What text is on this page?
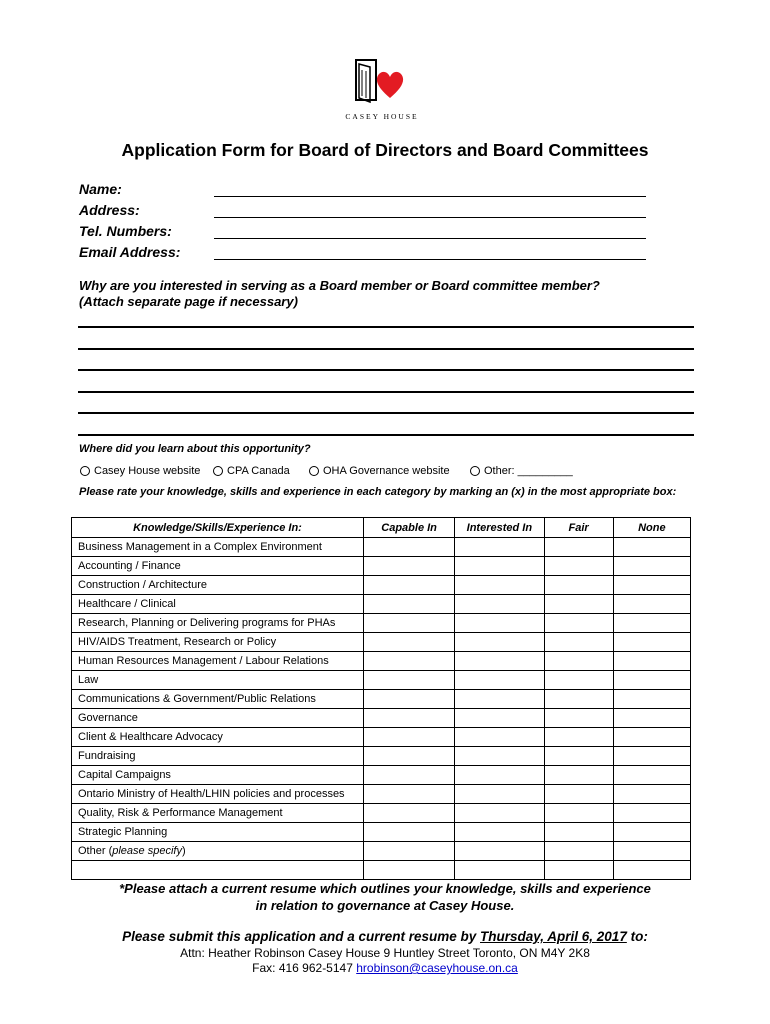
CASEY HOUSE
Application Form for Board of Directors and Board Committees
Name:
Address:
Tel. Numbers:
Email Address:
Why are you interested in serving as a Board member or Board committee member?
(Attach separate page if necessary)
Where did you learn about this opportunity?
Casey House website CPA Canada	OHA Governance website	Other: _________
Please rate your knowledge, skills and experience in each category by marking an (x) in the most appropriate box:
Knowledge/Skills/Experience In:	Capable In	Interested In	Fair	None
Business Management in a Complex Environment				
Accounting / Finance				
Construction / Architecture				
Healthcare / Clinical				
Research, Planning or Delivering programs for PHAs				
HIV/AIDS Treatment, Research or Policy				
Human Resources Management / Labour Relations				
Law				
Communications & Government/Public Relations				
Governance				
Client & Healthcare Advocacy				
Fundraising				
Capital Campaigns				
Ontario Ministry of Health/LHIN policies and processes				
Quality, Risk & Performance Management				
Strategic Planning				
Other (please specify)				

*Please attach a current resume which outlines your knowledge, skills and experience
in relation to governance at Casey House.
Please submit this application and a current resume by Thursday, April 6, 2017 to:
Attn: Heather Robinson Casey House 9 Huntley Street Toronto, ON M4Y 2K8
Fax: 416 962-5147 hrobinson@caseyhouse.on.ca
